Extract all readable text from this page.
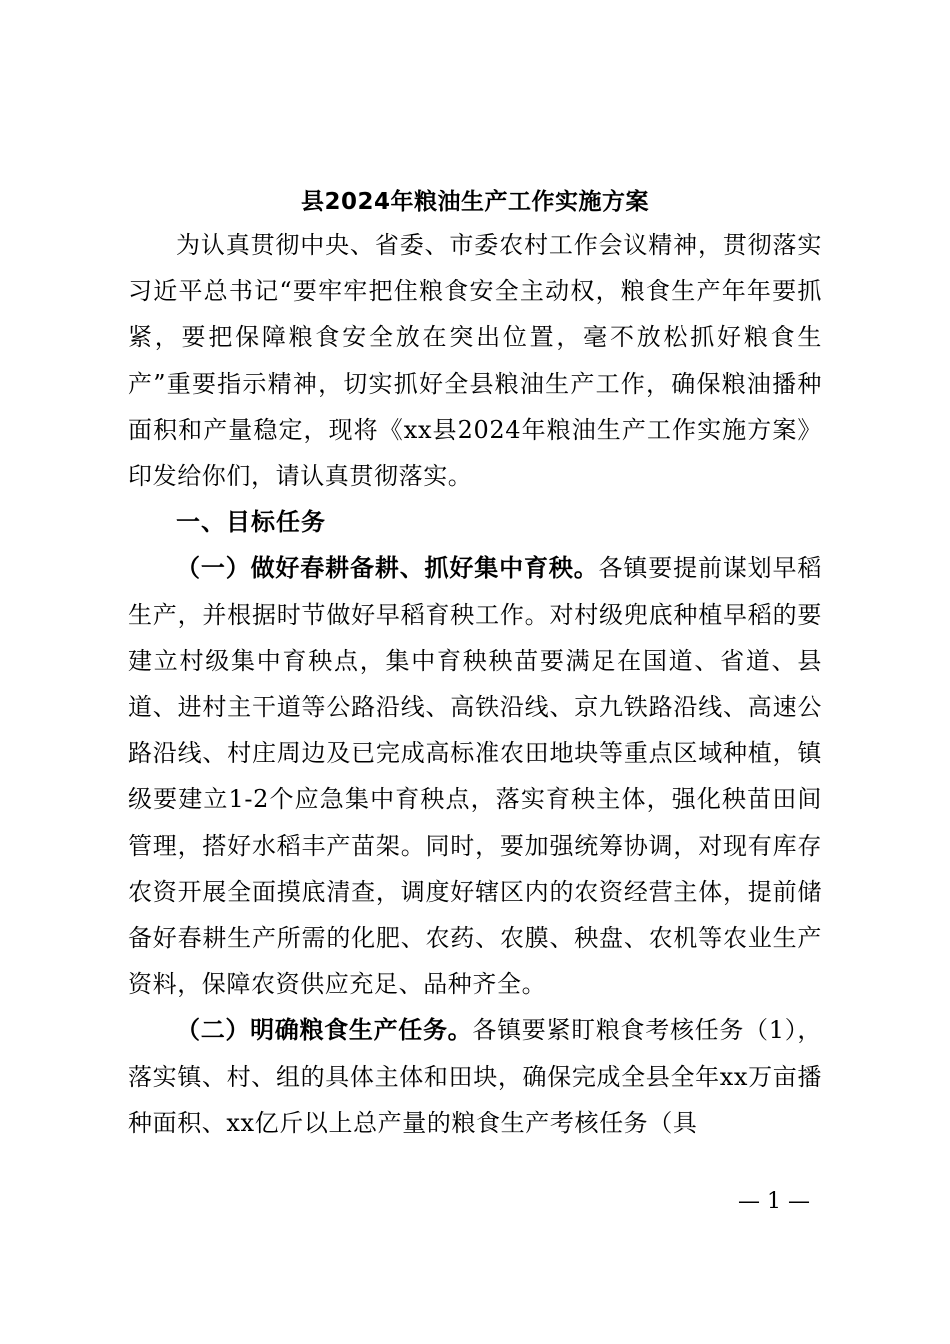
县2024年粮油生产工作实施方案

为认真贯彻中央、省委、市委农村工作会议精神，贯彻落实习近平总书记“要牢牢把住粮食安全主动权，粮食生产年年要抓紧，要把保障粮食安全放在突出位置，毫不放松抓好粮食生产”重要指示精神，切实抓好全县粮油生产工作，确保粮油播种面积和产量稳定，现将《xx县2024年粮油生产工作实施方案》印发给你们，请认真贯彻落实。

一、目标任务

（一）做好春耕备耕、抓好集中育秧。各镇要提前谋划早稻生产，并根据时节做好早稻育秧工作。对村级兜底种植早稻的要建立村级集中育秧点，集中育秧秧苗要满足在国道、省道、县道、进村主干道等公路沿线、高铁沿线、京九铁路沿线、高速公路沿线、村庄周边及已完成高标准农田地块等重点区域种植，镇级要建立1-2个应急集中育秧点，落实育秧主体，强化秧苗田间管理，搭好水稻丰产苗架。同时，要加强统筹协调，对现有库存农资开展全面摸底清查，调度好辖区内的农资经营主体，提前储备好春耕生产所需的化肥、农药、农膜、秧盘、农机等农业生产资料，保障农资供应充足、品种齐全。

（二）明确粮食生产任务。各镇要紧盯粮食考核任务（1），落实镇、村、组的具体主体和田块，确保完成全县全年xx万亩播种面积、xx亿斤以上总产量的粮食生产考核任务（具

— 1 —
